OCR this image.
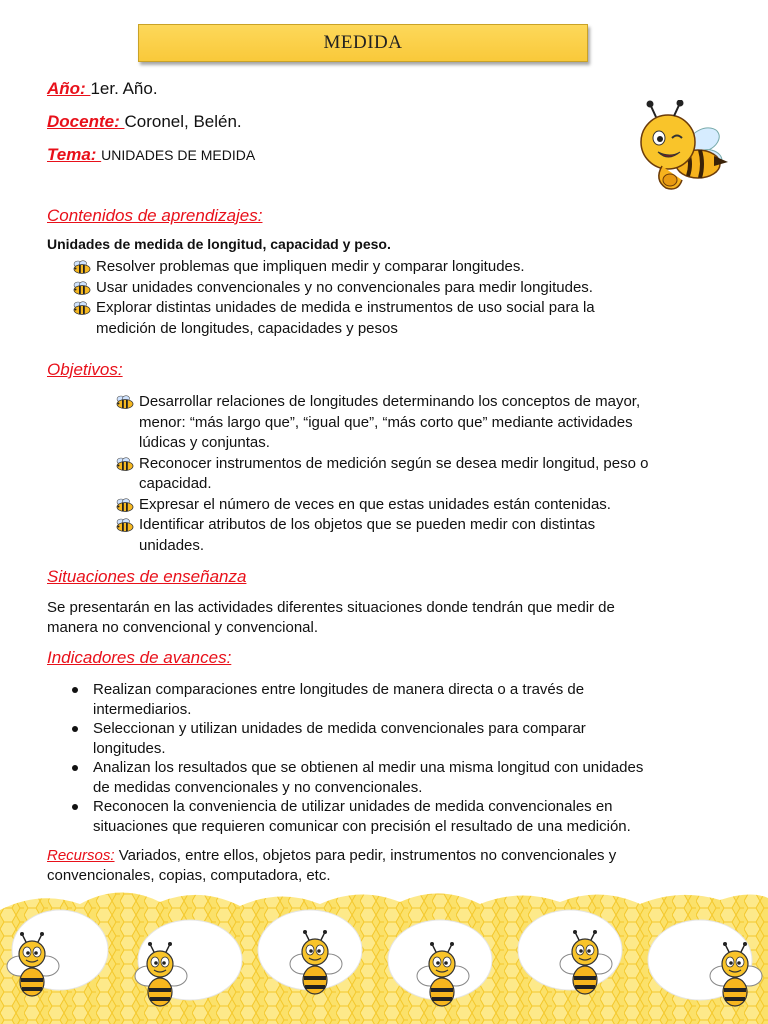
MEDIDA
Año: 1er. Año.
Docente: Coronel, Belén.
Tema: UNIDADES DE MEDIDA
Contenidos de aprendizajes:
Unidades de medida de longitud, capacidad y peso.
Resolver problemas que impliquen medir y comparar longitudes.
Usar unidades convencionales y no convencionales para medir longitudes.
Explorar distintas unidades de medida e instrumentos de uso social para la
medición de longitudes, capacidades y pesos
Objetivos:
Desarrollar relaciones de longitudes determinando los conceptos de mayor,
menor: “más largo que”, “igual que”, “más corto que” mediante actividades
lúdicas y conjuntas.
Reconocer instrumentos de medición según se desea medir longitud, peso o
capacidad.
Expresar el número de veces en que estas unidades están contenidas.
Identificar atributos de los objetos que se pueden medir con distintas
unidades.
Situaciones de enseñanza
Se presentarán en las actividades diferentes situaciones donde tendrán que medir de
manera no convencional y convencional.
Indicadores de avances:
Realizan comparaciones entre longitudes de manera directa o a través de
intermediarios.
Seleccionan y utilizan unidades de medida convencionales para comparar
longitudes.
Analizan los resultados que se obtienen al medir una misma longitud con unidades
de medidas convencionales y no convencionales.
Reconocen la conveniencia de utilizar unidades de medida convencionales en
situaciones que requieren comunicar con precisión el resultado de una medición.
Recursos: Variados, entre ellos, objetos para pedir, instrumentos no convencionales y
convencionales, copias, computadora, etc.
